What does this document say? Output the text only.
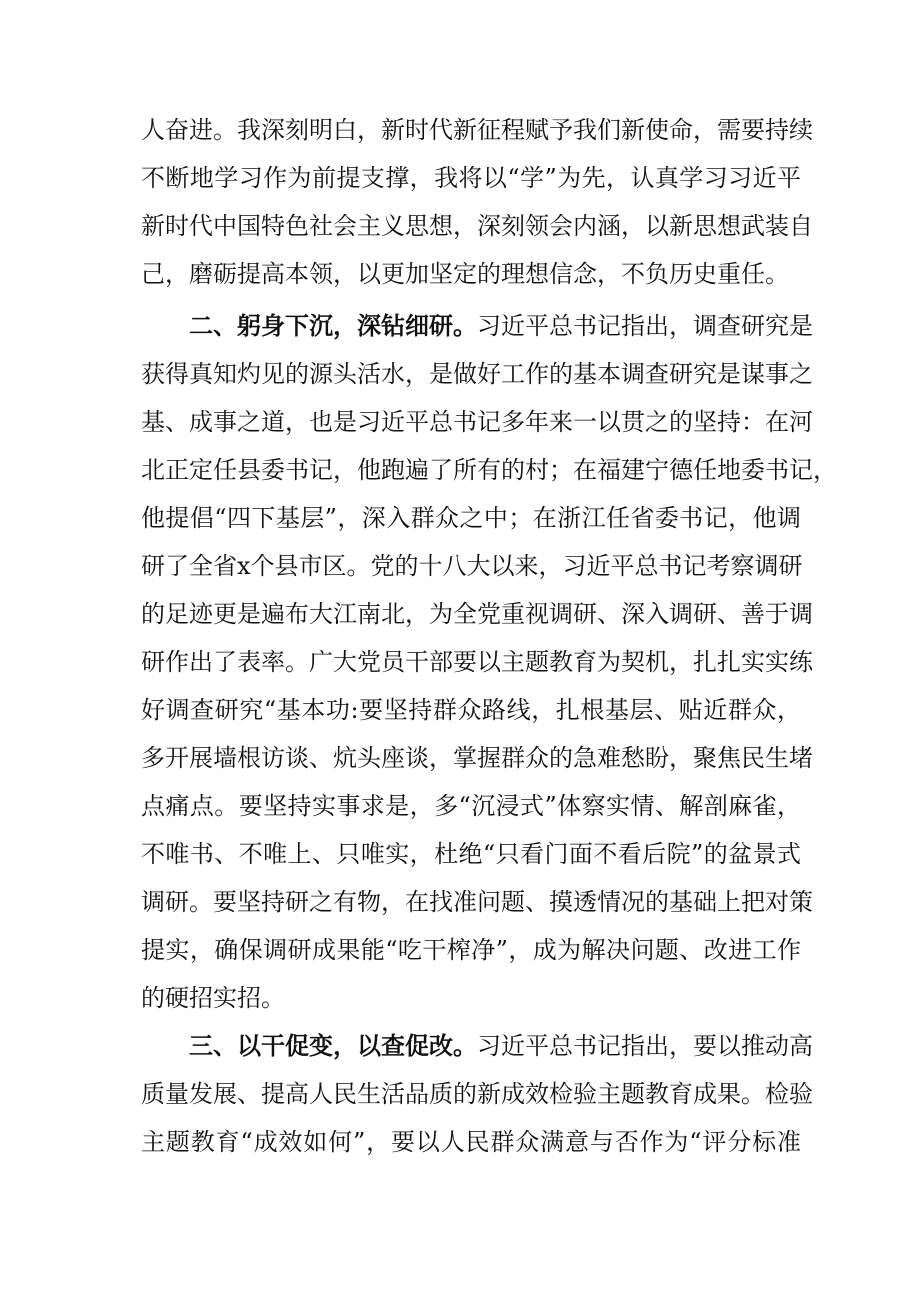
人奋进。我深刻明白，新时代新征程赋予我们新使命，需要持续
不断地学习作为前提支撑，我将以“学”为先，认真学习习近平
新时代中国特色社会主义思想，深刻领会内涵，以新思想武装自
己，磨砺提高本领，以更加坚定的理想信念，不负历史重任。
二、躬身下沉，深钻细研。习近平总书记指出，调查研究是
获得真知灼见的源头活水，是做好工作的基本调查研究是谋事之
基、成事之道，也是习近平总书记多年来一以贯之的坚持：在河
北正定任县委书记，他跑遍了所有的村；在福建宁德任地委书记，
他提倡“四下基层”，深入群众之中；在浙江任省委书记，他调
研了全省x个县市区。党的十八大以来，习近平总书记考察调研
的足迹更是遍布大江南北，为全党重视调研、深入调研、善于调
研作出了表率。广大党员干部要以主题教育为契机，扎扎实实练
好调查研究“基本功:要坚持群众路线，扎根基层、贴近群众，
多开展墙根访谈、炕头座谈，掌握群众的急难愁盼，聚焦民生堵
点痛点。要坚持实事求是，多“沉浸式”体察实情、解剖麻雀，
不唯书、不唯上、只唯实，杜绝“只看门面不看后院”的盆景式
调研。要坚持研之有物，在找准问题、摸透情况的基础上把对策
提实，确保调研成果能“吃干榨净”，成为解决问题、改进工作
的硬招实招。
三、以干促变，以查促改。习近平总书记指出，要以推动高
质量发展、提高人民生活品质的新成效检验主题教育成果。检验
主题教育“成效如何”，要以人民群众满意与否作为“评分标准
